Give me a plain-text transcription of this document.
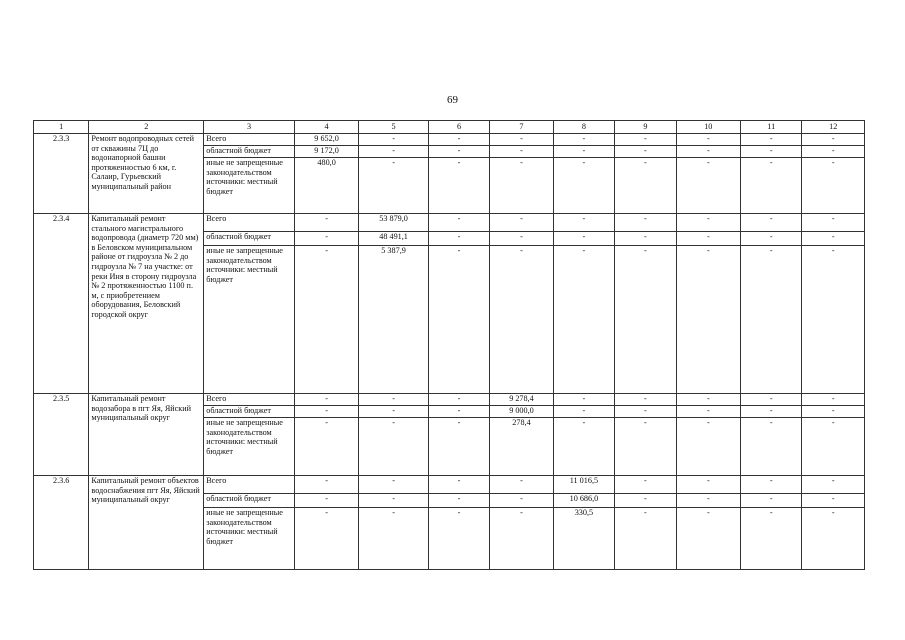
69
1	2	3	4	5	6	7	8	9	10	11	12
2.3.3	Ремонт водопроводных сетей от скважины 7Ц до водонапорной башни протяженностью 6 км, г. Салаир, Гурьевский муниципальный район	Всего	9 652,0	-	-	-	-	-	-	-	-
		областной бюджет	9 172,0	-	-	-	-	-	-	-	-
		иные не запрещенные законодательством источники: местный бюджет	480,0	-	-	-	-	-	-	-	-
2.3.4	Капитальный ремонт стального магистрального водопровода (диаметр 720 мм) в Беловском муниципальном районе от гидроузла № 2 до гидроузла № 7 на участке: от реки Иня в сторону гидроузла № 2 протяженностью 1100 п. м, с приобретением оборудования, Беловский городской округ	Всего	-	53 879,0	-	-	-	-	-	-	-
		областной бюджет	-	48 491,1	-	-	-	-	-	-	-
		иные не запрещенные законодательством источники: местный бюджет	-	5 387,9	-	-	-	-	-	-	-
2.3.5	Капитальный ремонт водозабора в пгт Яя, Яйский муниципальный округ	Всего	-	-	-	9 278,4	-	-	-	-	-
		областной бюджет	-	-	-	9 000,0	-	-	-	-	-
		иные не запрещенные законодательством источники: местный бюджет	-	-	-	278,4	-	-	-	-	-
2.3.6	Капитальный ремонт объектов водоснабжения пгт Яя, Яйский муниципальный округ	Всего	-	-	-	-	11 016,5	-	-	-	-
		областной бюджет	-	-	-	-	10 686,0	-	-	-	-
		иные не запрещенные законодательством источники: местный бюджет	-	-	-	-	330,5	-	-	-	-
